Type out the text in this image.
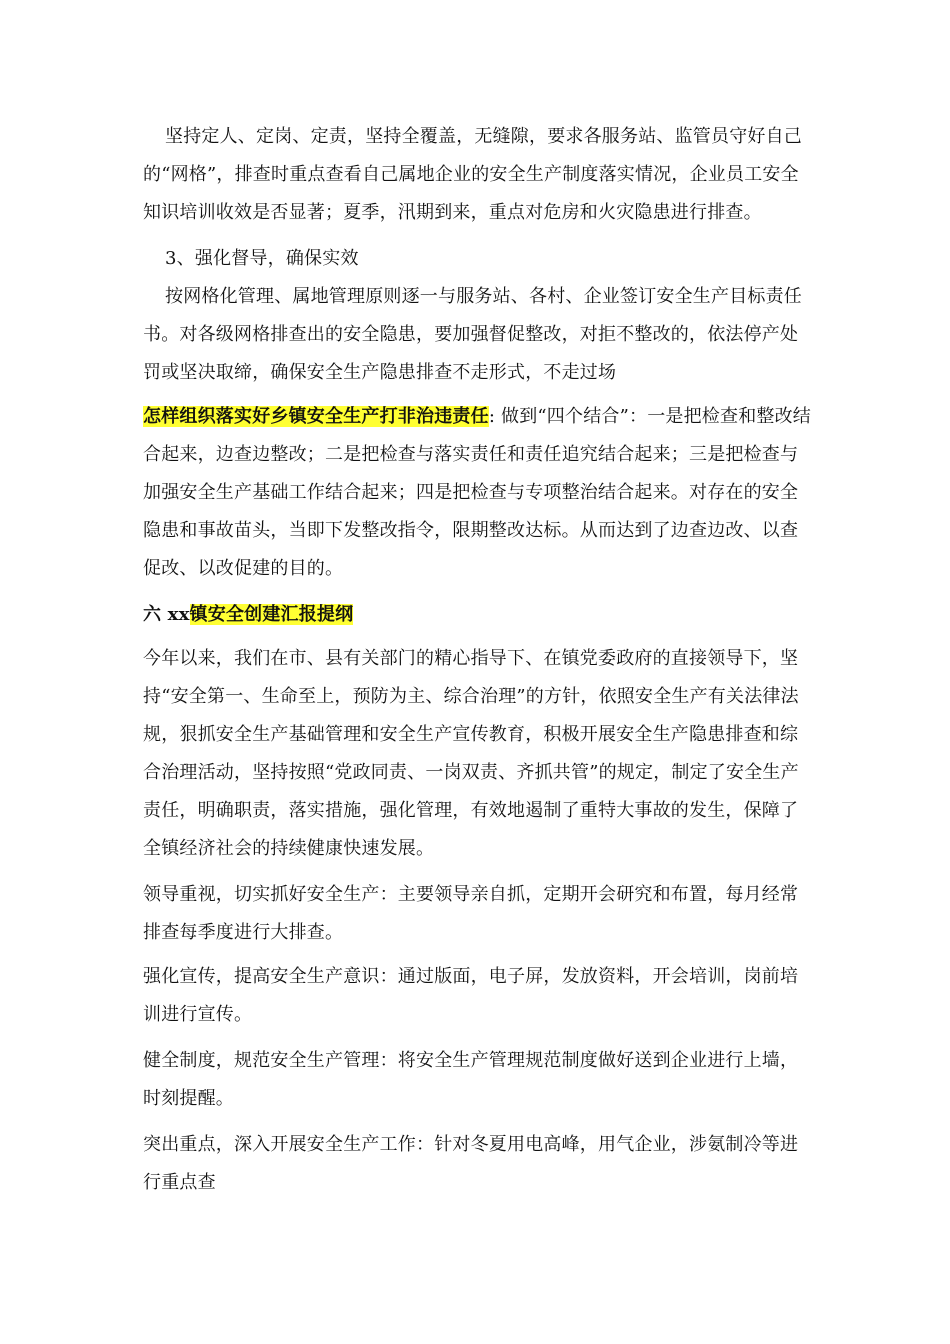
坚持定人、定岗、定责，坚持全覆盖，无缝隙，要求各服务站、监管员守好自己的“网格”，排查时重点查看自己属地企业的安全生产制度落实情况，企业员工安全知识培训收效是否显著；夏季，汛期到来，重点对危房和火灾隐患进行排查。

3、强化督导，确保实效

按网格化管理、属地管理原则逐一与服务站、各村、企业签订安全生产目标责任书。对各级网格排查出的安全隐患，要加强督促整改，对拒不整改的，依法停产处罚或坚决取缔，确保安全生产隐患排查不走形式，不走过场

怎样组织落实好乡镇安全生产打非治违责任: 做到“四个结合”：一是把检查和整改结合起来，边查边整改；二是把检查与落实责任和责任追究结合起来；三是把检查与加强安全生产基础工作结合起来；四是把检查与专项整治结合起来。对存在的安全隐患和事故苗头，当即下发整改指令，限期整改达标。从而达到了边查边改、以查促改、以改促建的目的。

六 xx镇安全创建汇报提纲

今年以来，我们在市、县有关部门的精心指导下、在镇党委政府的直接领导下，坚持“安全第一、生命至上，预防为主、综合治理”的方针，依照安全生产有关法律法规，狠抓安全生产基础管理和安全生产宣传教育，积极开展安全生产隐患排查和综合治理活动，坚持按照“党政同责、一岗双责、齐抓共管”的规定，制定了安全生产责任，明确职责，落实措施，强化管理，有效地遏制了重特大事故的发生，保障了全镇经济社会的持续健康快速发展。

领导重视，切实抓好安全生产：主要领导亲自抓，定期开会研究和布置，每月经常排查每季度进行大排查。

强化宣传，提高安全生产意识：通过版面，电子屏，发放资料，开会培训，岗前培训进行宣传。

健全制度，规范安全生产管理：将安全生产管理规范制度做好送到企业进行上墙，时刻提醒。

突出重点，深入开展安全生产工作：针对冬夏用电高峰，用气企业，涉氨制冷等进行重点查
